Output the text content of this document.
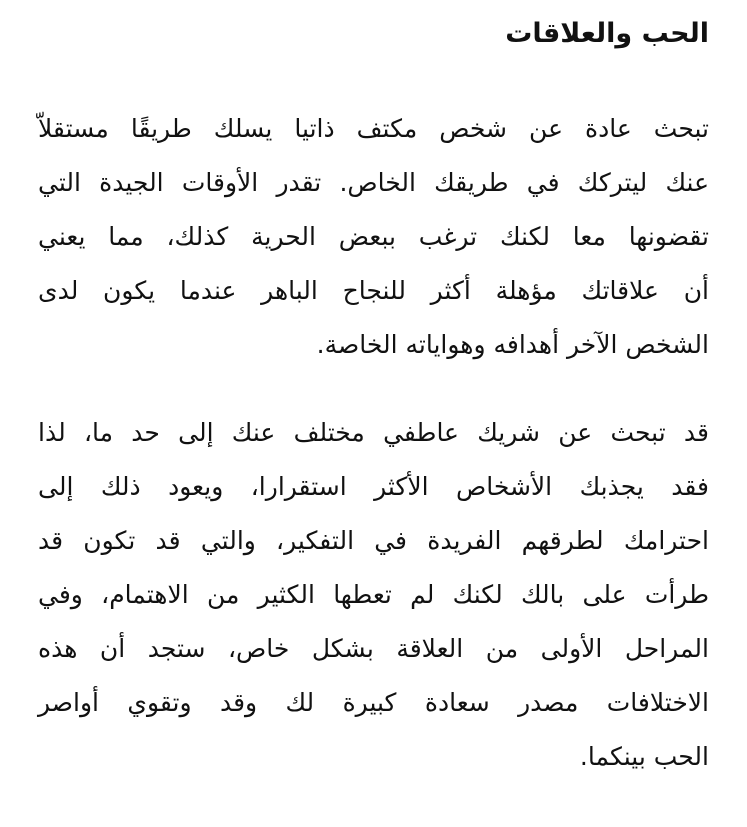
الحب والعلاقات

تبحث عادة عن شخص مكتف ذاتيا يسلك طريقًا مستقلاّ
عنك ليتركك في طريقك الخاص. تقدر الأوقات الجيدة التي
تقضونها معا لكنك ترغب ببعض الحرية كذلك، مما يعني
أن علاقاتك مؤهلة أكثر للنجاح الباهر عندما يكون لدى
الشخص الآخر أهدافه وهواياته الخاصة.

قد تبحث عن شريك عاطفي مختلف عنك إلى حد ما، لذا
فقد يجذبك الأشخاص الأكثر استقرارا، ويعود ذلك إلى
احترامك لطرقهم الفريدة في التفكير، والتي قد تكون قد
طرأت على بالك لكنك لم تعطها الكثير من الاهتمام، وفي
المراحل الأولى من العلاقة بشكل خاص، ستجد أن هذه
الاختلافات مصدر سعادة كبيرة لك وقد وتقوي أواصر
الحب بينكما.
